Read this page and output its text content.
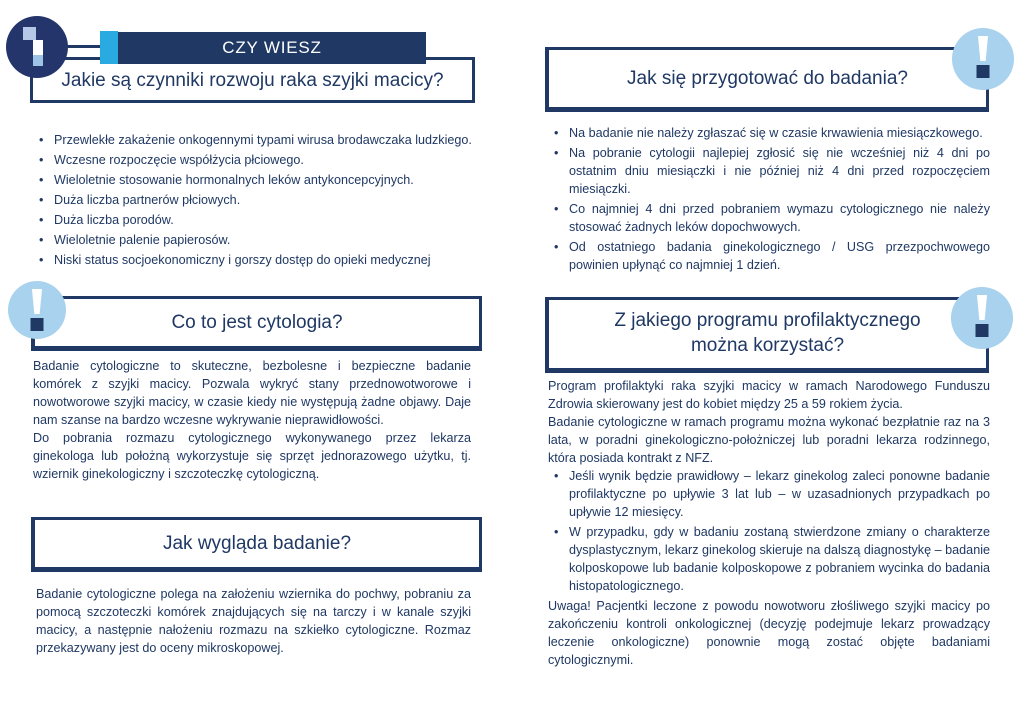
CZY WIESZ
Jakie są czynniki rozwoju raka szyjki macicy?
• Przewlekłe zakażenie onkogennymi typami wirusa brodawczaka ludzkiego.
• Wczesne rozpoczęcie współżycia płciowego.
• Wieloletnie stosowanie hormonalnych leków antykoncepcyjnych.
• Duża liczba partnerów płciowych.
• Duża liczba porodów.
• Wieloletnie palenie papierosów.
• Niski status socjoekonomiczny i gorszy dostęp do opieki medycznej
Co to jest cytologia?

Badanie cytologiczne to skuteczne, bezbolesne i bezpieczne badanie komórek z szyjki macicy. Pozwala wykryć stany przednowotworowe i nowotworowe szyjki macicy, w czasie kiedy nie występują żadne objawy. Daje nam szanse na bardzo wczesne wykrywanie nieprawidłowości.

Do pobrania rozmazu cytologicznego wykonywanego przez lekarza ginekologa lub położną wykorzystuje się sprzęt jednorazowego użytku, tj. wziernik ginekologiczny i szczoteczkę cytologiczną.

Jak wygląda badanie?

Badanie cytologiczne polega na założeniu wziernika do pochwy, pobraniu za pomocą szczoteczki komórek znajdujących się na tarczy i w kanale szyjki macicy, a następnie nałożeniu rozmazu na szkiełko cytologiczne. Rozmaz przekazywany jest do oceny mikroskopowej.

Jak się przygotować do badania?
• Na badanie nie należy zgłaszać się w czasie krwawienia miesiączkowego.
• Na pobranie cytologii najlepiej zgłosić się nie wcześniej niż 4 dni po ostatnim dniu miesiączki i nie później niż 4 dni przed rozpoczęciem miesiączki.
• Co najmniej 4 dni przed pobraniem wymazu cytologicznego nie należy stosować żadnych leków dopochwowych.
• Od ostatniego badania ginekologicznego / USG przezpochwowego powinien upłynąć co najmniej 1 dzień.
Z jakiego programu profilaktycznego można korzystać?

Program profilaktyki raka szyjki macicy w ramach Narodowego Funduszu Zdrowia skierowany jest do kobiet między 25 a 59 rokiem życia.

Badanie cytologiczne w ramach programu można wykonać bezpłatnie raz na 3 lata, w poradni ginekologiczno-położniczej lub poradni lekarza rodzinnego, która posiada kontrakt z NFZ.

• Jeśli wynik będzie prawidłowy – lekarz ginekolog zaleci ponowne badanie profilaktyczne po upływie 3 lat lub – w uzasadnionych przypadkach po upływie 12 miesięcy.
• W przypadku, gdy w badaniu zostaną stwierdzone zmiany o charakterze dysplastycznym, lekarz ginekolog skieruje na dalszą diagnostykę – badanie kolposkopowe lub badanie kolposkopowe z pobraniem wycinka do badania histopatologicznego.

Uwaga! Pacjentki leczone z powodu nowotworu złośliwego szyjki macicy po zakończeniu kontroli onkologicznej (decyzję podejmuje lekarz prowadzący leczenie onkologiczne) ponownie mogą zostać objęte badaniami cytologicznymi.
